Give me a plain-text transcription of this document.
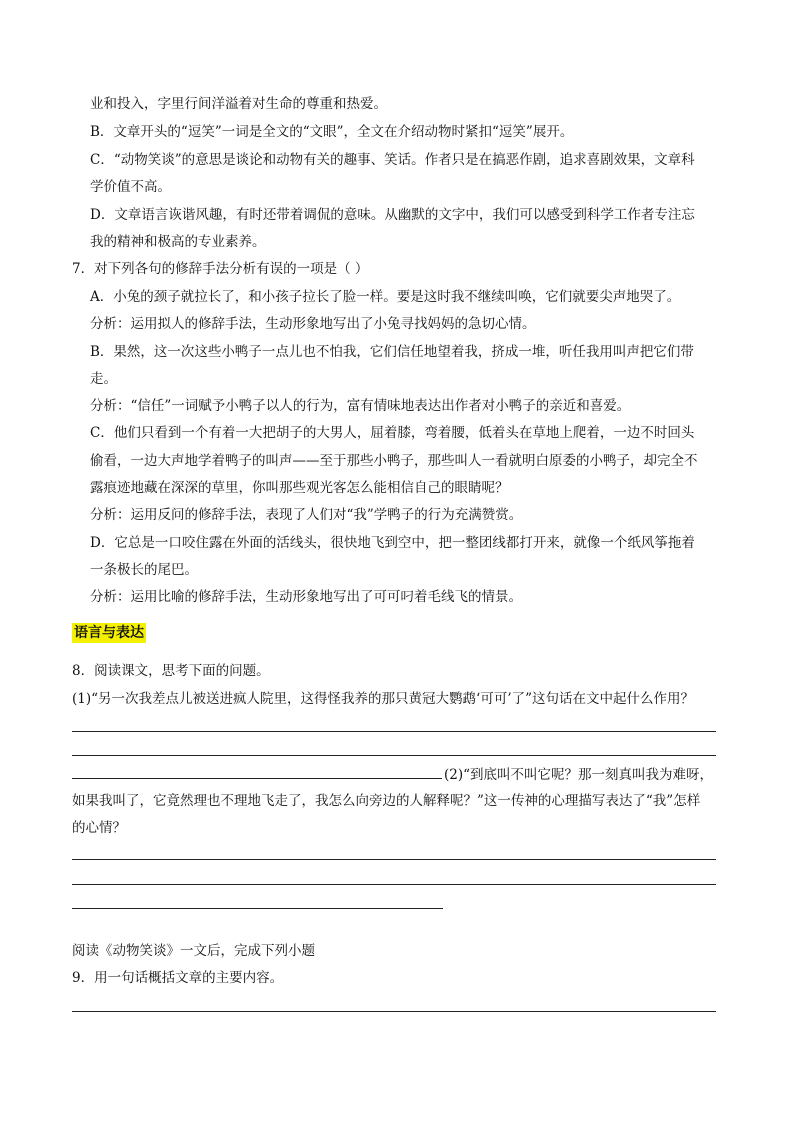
业和投入，字里行间洋溢着对生命的尊重和热爱。
B．文章开头的“逗笑”一词是全文的“文眼”，全文在介绍动物时紧扣“逗笑”展开。
C．“动物笑谈”的意思是谈论和动物有关的趣事、笑话。作者只是在搞恶作剧，追求喜剧效果，文章科
学价值不高。
D．文章语言诙谐风趣，有时还带着调侃的意味。从幽默的文字中，我们可以感受到科学工作者专注忘
我的精神和极高的专业素养。
7．对下列各句的修辞手法分析有误的一项是（ ）
A．小兔的颈子就拉长了，和小孩子拉长了脸一样。要是这时我不继续叫唤，它们就要尖声地哭了。
分析：运用拟人的修辞手法，生动形象地写出了小兔寻找妈妈的急切心情。
B．果然，这一次这些小鸭子一点儿也不怕我，它们信任地望着我，挤成一堆，听任我用叫声把它们带
走。
分析：“信任”一词赋予小鸭子以人的行为，富有情味地表达出作者对小鸭子的亲近和喜爱。
C．他们只看到一个有着一大把胡子的大男人，屈着膝，弯着腰，低着头在草地上爬着，一边不时回头
偷看，一边大声地学着鸭子的叫声——至于那些小鸭子，那些叫人一看就明白原委的小鸭子，却完全不
露痕迹地藏在深深的草里，你叫那些观光客怎么能相信自己的眼睛呢？
分析：运用反问的修辞手法，表现了人们对“我”学鸭子的行为充满赞赏。
D．它总是一口咬住露在外面的活线头，很快地飞到空中，把一整团线都打开来，就像一个纸风筝拖着
一条极长的尾巴。
分析：运用比喻的修辞手法，生动形象地写出了可可叼着毛线飞的情景。
语言与表达
8．阅读课文，思考下面的问题。
(1)“另一次我差点儿被送进疯人院里，这得怪我养的那只黄冠大鹦鹉‘可可’了”这句话在文中起什么作用？
(2)“到底叫不叫它呢？那一刻真叫我为难呀，
如果我叫了，它竟然理也不理地飞走了，我怎么向旁边的人解释呢？”这一传神的心理描写表达了“我”怎样
的心情？
阅读《动物笑谈》一文后，完成下列小题
9．用一句话概括文章的主要内容。
